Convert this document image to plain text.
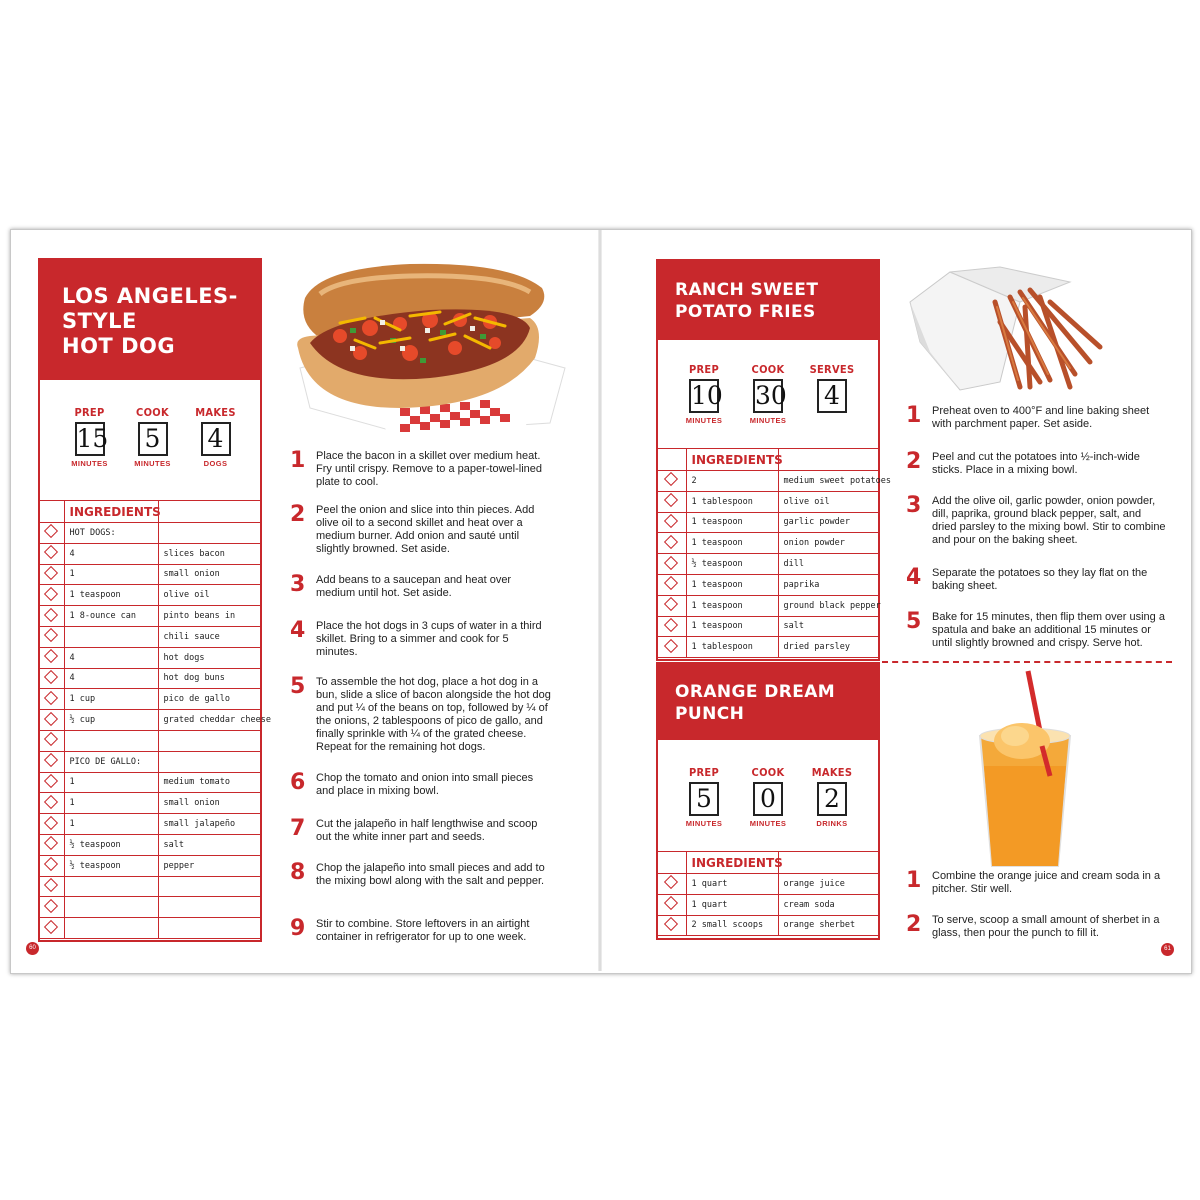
LOS ANGELES-
STYLE
HOT DOG
PREP
15
MINUTES
COOK
5
MINUTES
MAKES
4
DOGS
	INGREDIENTS	
	HOT DOGS:	
	4	slices bacon
	1	small onion
	1 teaspoon	olive oil
	1 8-ounce can	pinto beans in
		chili sauce
	4	hot dogs
	4	hot dog buns
	1 cup	pico de gallo
	½ cup	grated cheddar cheese

	PICO DE GALLO:	
	1	medium tomato
	1	small onion
	1	small jalapeño
	½ teaspoon	salt
	½ teaspoon	pepper

60
1 Place the bacon in a skillet over medium heat. Fry until crispy. Remove to a paper-towel-lined plate to cool.
2 Peel the onion and slice into thin pieces. Add olive oil to a second skillet and heat over a medium burner. Add onion and sauté until slightly browned. Set aside.
3 Add beans to a saucepan and heat over medium until hot. Set aside.
4 Place the hot dogs in 3 cups of water in a third skillet. Bring to a simmer and cook for 5 minutes.
5 To assemble the hot dog, place a hot dog in a bun, slide a slice of bacon alongside the hot dog and put ¼ of the beans on top, followed by ¼ of the onions, 2 tablespoons of pico de gallo, and finally sprinkle with ¼ of the grated cheese. Repeat for the remaining hot dogs.
6 Chop the tomato and onion into small pieces and place in mixing bowl.
7 Cut the jalapeño in half lengthwise and scoop out the white inner part and seeds.
8 Chop the jalapeño into small pieces and add to the mixing bowl along with the salt and pepper.
9 Stir to combine. Store leftovers in an airtight container in refrigerator for up to one week.
RANCH SWEET
POTATO FRIES
PREP
10
MINUTES
COOK
30
MINUTES
SERVES
4
	INGREDIENTS	
	2	medium sweet potatoes
	1 tablespoon	olive oil
	1 teaspoon	garlic powder
	1 teaspoon	onion powder
	½ teaspoon	dill
	1 teaspoon	paprika
	1 teaspoon	ground black pepper
	1 teaspoon	salt
	1 tablespoon	dried parsley
ORANGE DREAM
PUNCH
PREP
5
MINUTES
COOK
0
MINUTES
MAKES
2
DRINKS
	INGREDIENTS	
	1 quart	orange juice
	1 quart	cream soda
	2 small scoops	orange sherbet
1 Preheat oven to 400°F and line baking sheet with parchment paper. Set aside.
2 Peel and cut the potatoes into ½-inch-wide sticks. Place in a mixing bowl.
3 Add the olive oil, garlic powder, onion powder, dill, paprika, ground black pepper, salt, and dried parsley to the mixing bowl. Stir to combine and pour on the baking sheet.
4 Separate the potatoes so they lay flat on the baking sheet.
5 Bake for 15 minutes, then flip them over using a spatula and bake an additional 15 minutes or until slightly browned and crispy. Serve hot.
1 Combine the orange juice and cream soda in a pitcher. Stir well.
2 To serve, scoop a small amount of sherbet in a glass, then pour the punch to fill it.
61
